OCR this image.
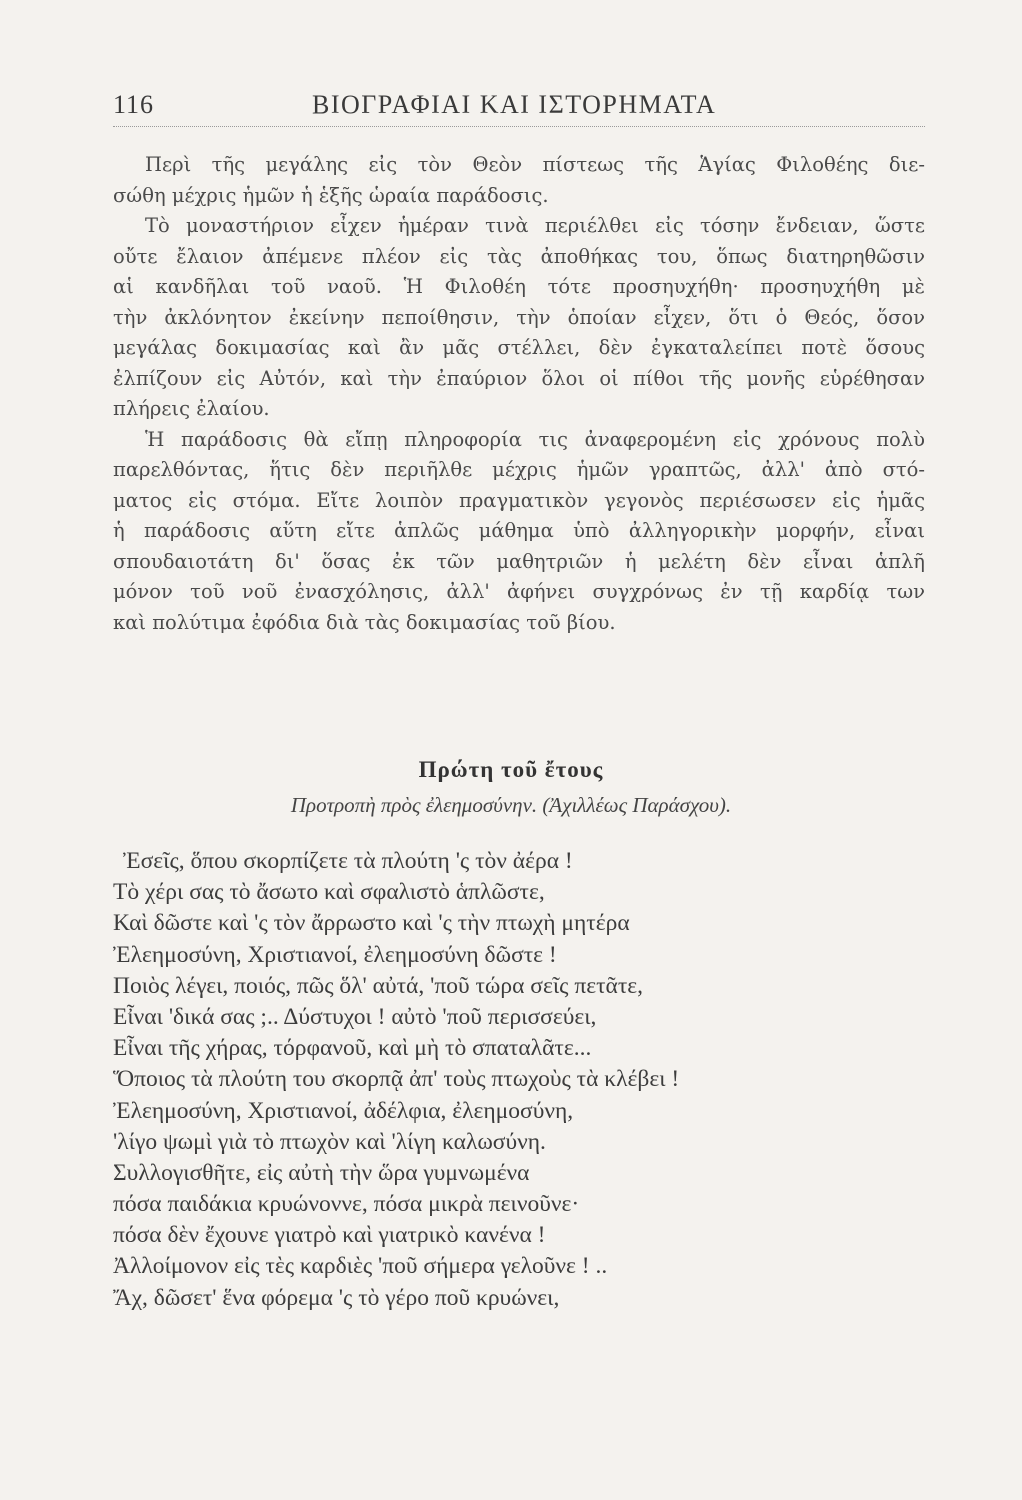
116	ΒΙΟΓΡΑΦΙΑΙ ΚΑΙ ΙΣΤΟΡΗΜΑΤΑ
Περὶ τῆς μεγάλης εἰς τὸν Θεὸν πίστεως τῆς Ἁγίας Φιλοθέης διε-
σώθη μέχρις ἡμῶν ἡ ἑξῆς ὡραία παράδοσις.
Τὸ μοναστήριον εἶχεν ἡμέραν τινὰ περιέλθει εἰς τόσην ἔνδειαν, ὥστε
οὔτε ἔλαιον ἀπέμενε πλέον εἰς τὰς ἀποθήκας του, ὅπως διατηρηθῶσιν
αἱ κανδῆλαι τοῦ ναοῦ. Ἡ Φιλοθέη τότε προσηυχήθη· προσηυχήθη μὲ
τὴν ἀκλόνητον ἐκείνην πεποίθησιν, τὴν ὁποίαν εἶχεν, ὅτι ὁ Θεός, ὅσον
μεγάλας δοκιμασίας καὶ ἂν μᾶς στέλλει, δὲν ἐγκαταλείπει ποτὲ ὅσους
ἐλπίζουν εἰς Αὐτόν, καὶ τὴν ἐπαύριον ὅλοι οἱ πίθοι τῆς μονῆς εὑρέθησαν
πλήρεις ἐλαίου.
Ἡ παράδοσις θὰ εἴπῃ πληροφορία τις ἀναφερομένη εἰς χρόνους πολὺ
παρελθόντας, ἥτις δὲν περιῆλθε μέχρις ἡμῶν γραπτῶς, ἀλλ' ἀπὸ στό-
ματος εἰς στόμα. Εἴτε λοιπὸν πραγματικὸν γεγονὸς περιέσωσεν εἰς ἡμᾶς
ἡ παράδοσις αὕτη εἴτε ἁπλῶς μάθημα ὑπὸ ἀλληγορικὴν μορφήν, εἶναι
σπουδαιοτάτη δι' ὅσας ἐκ τῶν μαθητριῶν ἡ μελέτη δὲν εἶναι ἁπλῆ
μόνον τοῦ νοῦ ἐνασχόλησις, ἀλλ' ἀφήνει συγχρόνως ἐν τῇ καρδίᾳ των
καὶ πολύτιμα ἐφόδια διὰ τὰς δοκιμασίας τοῦ βίου.
Πρώτη τοῦ ἔτους
Προτροπὴ πρὸς ἐλεημοσύνην. (Ἀχιλλέως Παράσχου).
Ἐσεῖς, ὅπου σκορπίζετε τὰ πλούτη 'ς τὸν ἀέρα !
Τὸ χέρι σας τὸ ἄσωτο καὶ σφαλιστὸ ἁπλῶστε,
Καὶ δῶστε καὶ 'ς τὸν ἄρρωστο καὶ 'ς τὴν πτωχὴ μητέρα
Ἐλεημοσύνη, Χριστιανοί, ἐλεημοσύνη δῶστε !
Ποιὸς λέγει, ποιός, πῶς ὅλ' αὐτά, 'ποῦ τώρα σεῖς πετᾶτε,
Εἶναι 'δικά σας ;.. Δύστυχοι ! αὐτὸ 'ποῦ περισσεύει,
Εἶναι τῆς χήρας, τόρφανοῦ, καὶ μὴ τὸ σπαταλᾶτε...
Ὅποιος τὰ πλούτη του σκορπᾷ ἀπ' τοὺς πτωχοὺς τὰ κλέβει !
Ἐλεημοσύνη, Χριστιανοί, ἀδέλφια, ἐλεημοσύνη,
'λίγο ψωμὶ γιὰ τὸ πτωχὸν καὶ 'λίγη καλωσύνη.
Συλλογισθῆτε, εἰς αὐτὴ τὴν ὥρα γυμνωμένα
πόσα παιδάκια κρυώνοννε, πόσα μικρὰ πεινοῦνε·
πόσα δὲν ἔχουνε γιατρὸ καὶ γιατρικὸ κανένα !
Ἀλλοίμονον εἰς τὲς καρδιὲς 'ποῦ σήμερα γελοῦνε ! ..
Ἄχ, δῶσετ' ἕνα φόρεμα 'ς τὸ γέρο ποῦ κρυώνει,
